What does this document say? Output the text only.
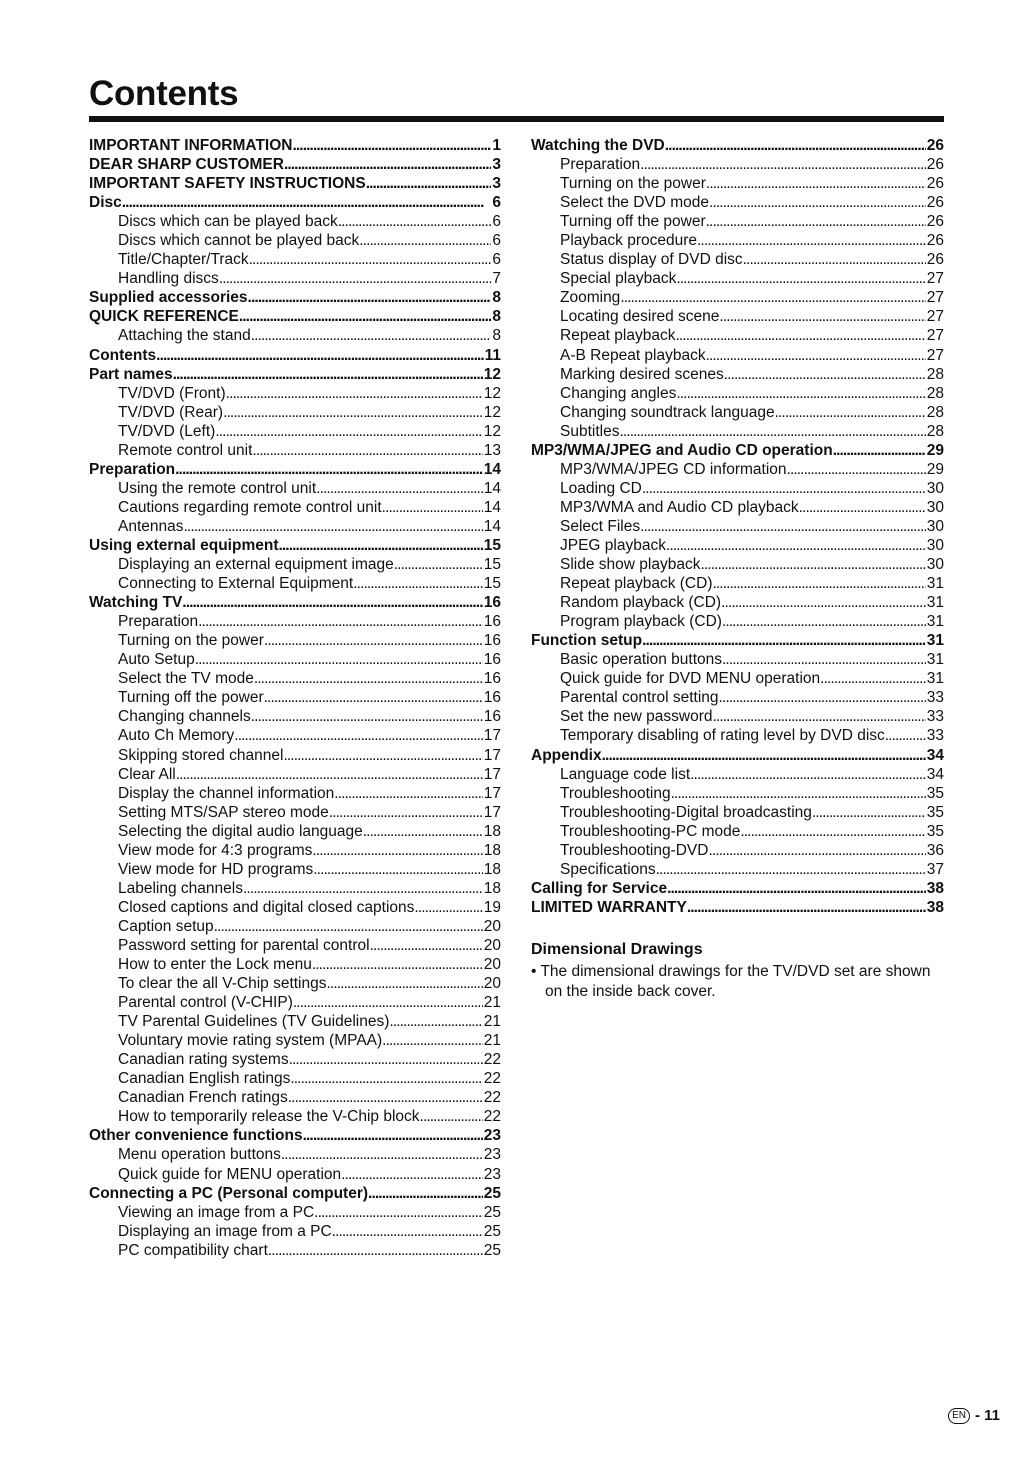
Contents
IMPORTANT INFORMATION . . .	1
DEAR SHARP CUSTOMER . . .	3
IMPORTANT SAFETY INSTRUCTIONS . . .	3
Disc . . .	6
Discs which can be played back . . .	6
Discs which cannot be played back . . .	6
Title/Chapter/Track . . .	6
Handling discs . . .	7
Supplied accessories . . .	8
QUICK REFERENCE . . .	8
Attaching the stand . . .	8
Contents . . .	11
Part names . . .	12
TV/DVD (Front) . . .	12
TV/DVD (Rear) . . .	12
TV/DVD (Left) . . .	12
Remote control unit . . .	13
Preparation . . .	14
Using the remote control unit . . .	14
Cautions regarding remote control unit . . .	14
Antennas . . .	14
Using external equipment . . .	15
Displaying an external equipment image . . .	15
Connecting to External Equipment . . .	15
Watching TV . . .	16
Preparation . . .	16
Turning on the power . . .	16
Auto Setup . . .	16
Select the TV mode . . .	16
Turning off the power . . .	16
Changing channels . . .	16
Auto Ch Memory . . .	17
Skipping stored channel . . .	17
Clear All . . .	17
Display the channel information . . .	17
Setting MTS/SAP stereo mode . . .	17
Selecting the digital audio language . . .	18
View mode for 4:3 programs . . .	18
View mode for HD programs . . .	18
Labeling channels . . .	18
Closed captions and digital closed captions . . .	19
Caption setup . . .	20
Password setting for parental control . . .	20
How to enter the Lock menu . . .	20
To clear the all V-Chip settings . . .	20
Parental control (V-CHIP) . . .	21
TV Parental Guidelines (TV Guidelines) . . .	21
Voluntary movie rating system (MPAA) . . .	21
Canadian rating systems . . .	22
Canadian English ratings . . .	22
Canadian French ratings . . .	22
How to temporarily release the V-Chip block . . .	22
Other convenience functions . . .	23
Menu operation buttons . . .	23
Quick guide for MENU operation . . .	23
Connecting a PC (Personal computer) . . .	25
Viewing an image from a PC . . .	25
Displaying an image from a PC . . .	25
PC compatibility chart . . .	25
Watching the DVD . . .	26
Preparation . . .	26
Turning on the power . . .	26
Select the DVD mode . . .	26
Turning off the power . . .	26
Playback procedure . . .	26
Status display of DVD disc . . .	26
Special playback . . .	27
Zooming . . .	27
Locating desired scene . . .	27
Repeat playback . . .	27
A-B Repeat playback . . .	27
Marking desired scenes . . .	28
Changing angles . . .	28
Changing soundtrack language . . .	28
Subtitles . . .	28
MP3/WMA/JPEG and Audio CD operation . . .	29
MP3/WMA/JPEG CD information . . .	29
Loading CD . . .	30
MP3/WMA and Audio CD playback . . .	30
Select Files . . .	30
JPEG playback . . .	30
Slide show playback . . .	30
Repeat playback (CD) . . .	31
Random playback (CD) . . .	31
Program playback (CD) . . .	31
Function setup . . .	31
Basic operation buttons . . .	31
Quick guide for DVD MENU operation . . .	31
Parental control setting . . .	33
Set the new password . . .	33
Temporary disabling of rating level by DVD disc . . .	33
Appendix . . .	34
Language code list . . .	34
Troubleshooting . . .	35
Troubleshooting-Digital broadcasting . . .	35
Troubleshooting-PC mode . . .	35
Troubleshooting-DVD . . .	36
Specifications . . .	37
Calling for Service . . .	38
LIMITED WARRANTY . . .	38
Dimensional Drawings

• The dimensional drawings for the TV/DVD set are shown on the inside back cover.

EN - 11
